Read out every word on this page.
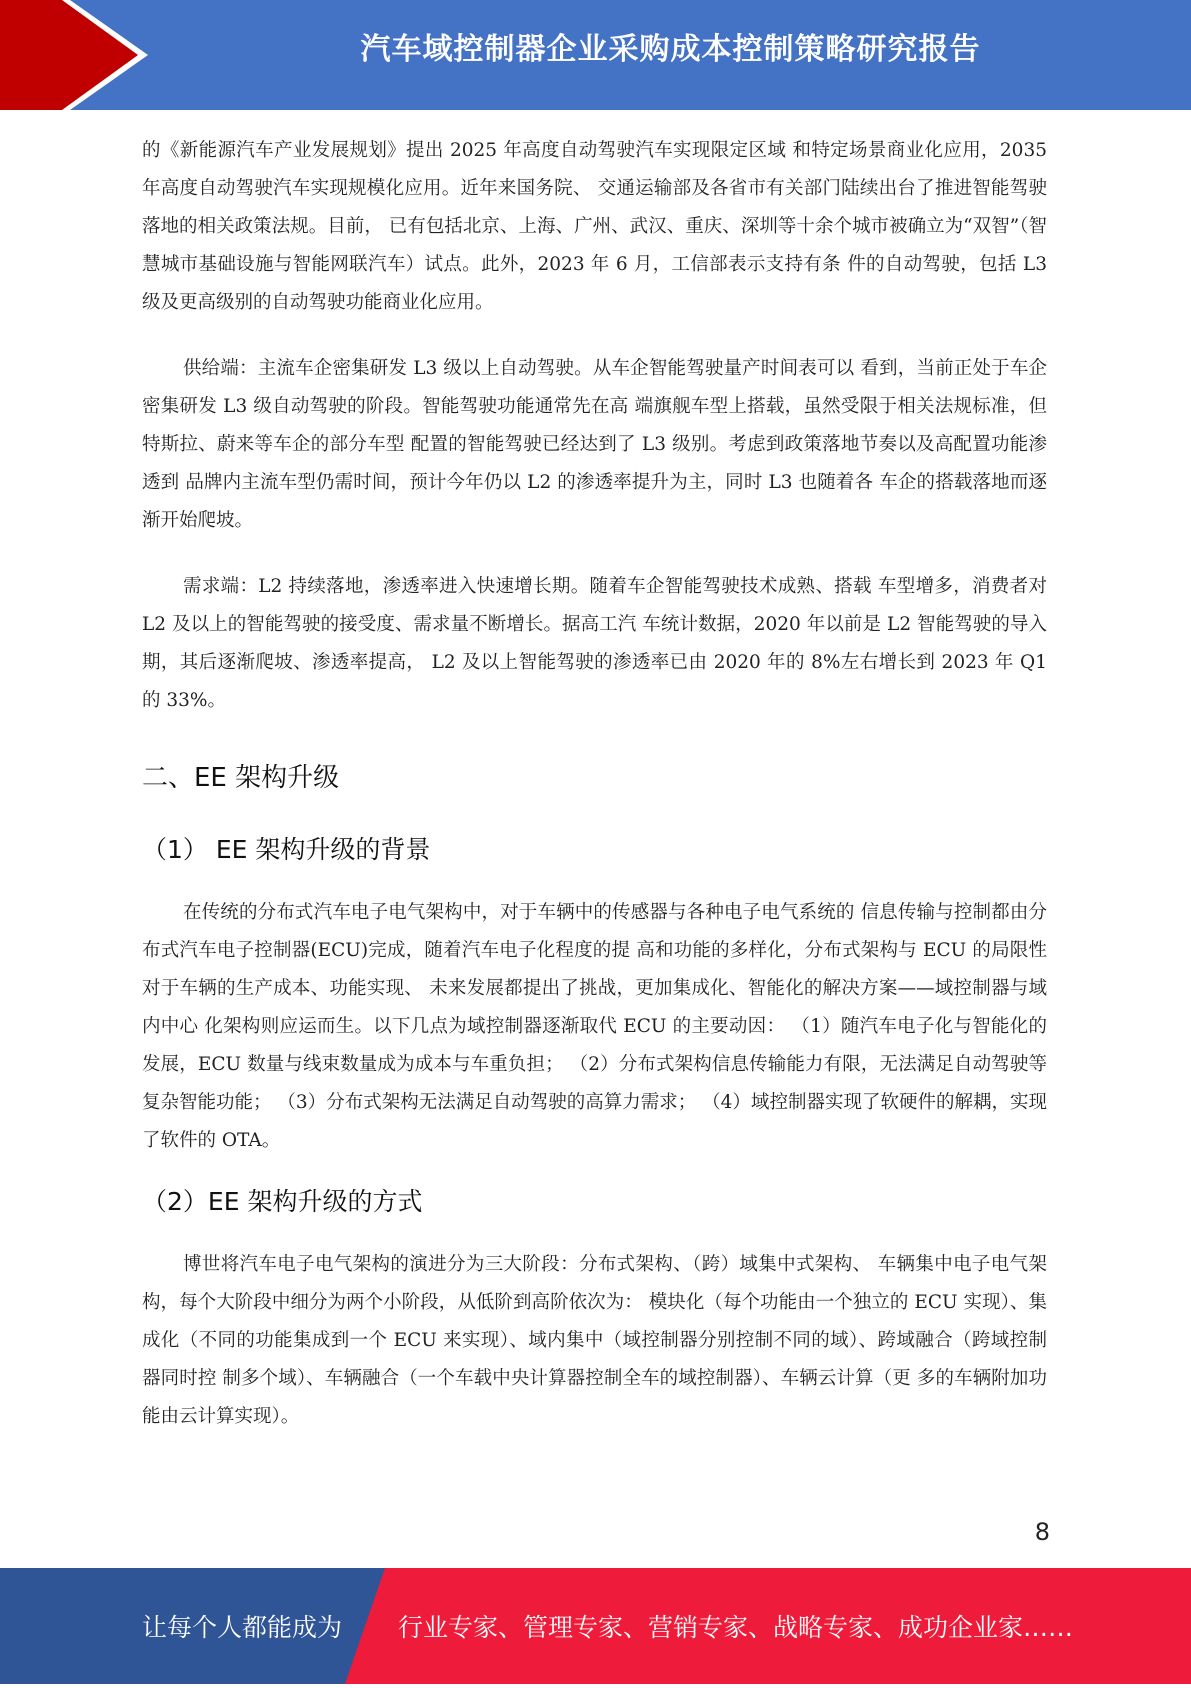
汽车域控制器企业采购成本控制策略研究报告

的《新能源汽车产业发展规划》提出 2025 年高度自动驾驶汽车实现限定区域 和特定场景商业化应用，2035 年高度自动驾驶汽车实现规模化应用。近年来国务院、 交通运输部及各省市有关部门陆续出台了推进智能驾驶落地的相关政策法规。目前， 已有包括北京、上海、广州、武汉、重庆、深圳等十余个城市被确立为“双智”（智 慧城市基础设施与智能网联汽车）试点。此外，2023 年 6 月，工信部表示支持有条 件的自动驾驶，包括 L3 级及更高级别的自动驾驶功能商业化应用。

供给端：主流车企密集研发 L3 级以上自动驾驶。从车企智能驾驶量产时间表可以 看到，当前正处于车企密集研发 L3 级自动驾驶的阶段。智能驾驶功能通常先在高 端旗舰车型上搭载，虽然受限于相关法规标准，但特斯拉、蔚来等车企的部分车型 配置的智能驾驶已经达到了 L3 级别。考虑到政策落地节奏以及高配置功能渗透到 品牌内主流车型仍需时间，预计今年仍以 L2 的渗透率提升为主，同时 L3 也随着各 车企的搭载落地而逐渐开始爬坡。

需求端：L2 持续落地，渗透率进入快速增长期。随着车企智能驾驶技术成熟、搭载 车型增多，消费者对 L2 及以上的智能驾驶的接受度、需求量不断增长。据高工汽 车统计数据，2020 年以前是 L2 智能驾驶的导入期，其后逐渐爬坡、渗透率提高， L2 及以上智能驾驶的渗透率已由 2020 年的 8%左右增长到 2023 年 Q1 的 33%。

二、EE 架构升级
（1） EE 架构升级的背景

在传统的分布式汽车电子电气架构中，对于车辆中的传感器与各种电子电气系统的 信息传输与控制都由分布式汽车电子控制器(ECU)完成，随着汽车电子化程度的提 高和功能的多样化，分布式架构与 ECU 的局限性对于车辆的生产成本、功能实现、 未来发展都提出了挑战，更加集成化、智能化的解决方案——域控制器与域内中心 化架构则应运而生。以下几点为域控制器逐渐取代 ECU 的主要动因： （1）随汽车电子化与智能化的发展，ECU 数量与线束数量成为成本与车重负担； （2）分布式架构信息传输能力有限，无法满足自动驾驶等复杂智能功能； （3）分布式架构无法满足自动驾驶的高算力需求； （4）域控制器实现了软硬件的解耦，实现了软件的 OTA。

（2）EE 架构升级的方式

博世将汽车电子电气架构的演进分为三大阶段：分布式架构、（跨）域集中式架构、 车辆集中电子电气架构，每个大阶段中细分为两个小阶段，从低阶到高阶依次为： 模块化（每个功能由一个独立的 ECU 实现）、集成化（不同的功能集成到一个 ECU 来实现）、域内集中（域控制器分别控制不同的域）、跨域融合（跨域控制器同时控 制多个域）、车辆融合（一个车载中央计算器控制全车的域控制器）、车辆云计算（更 多的车辆附加功能由云计算实现）。

8
让每个人都能成为 行业专家、管理专家、营销专家、战略专家、成功企业家……
